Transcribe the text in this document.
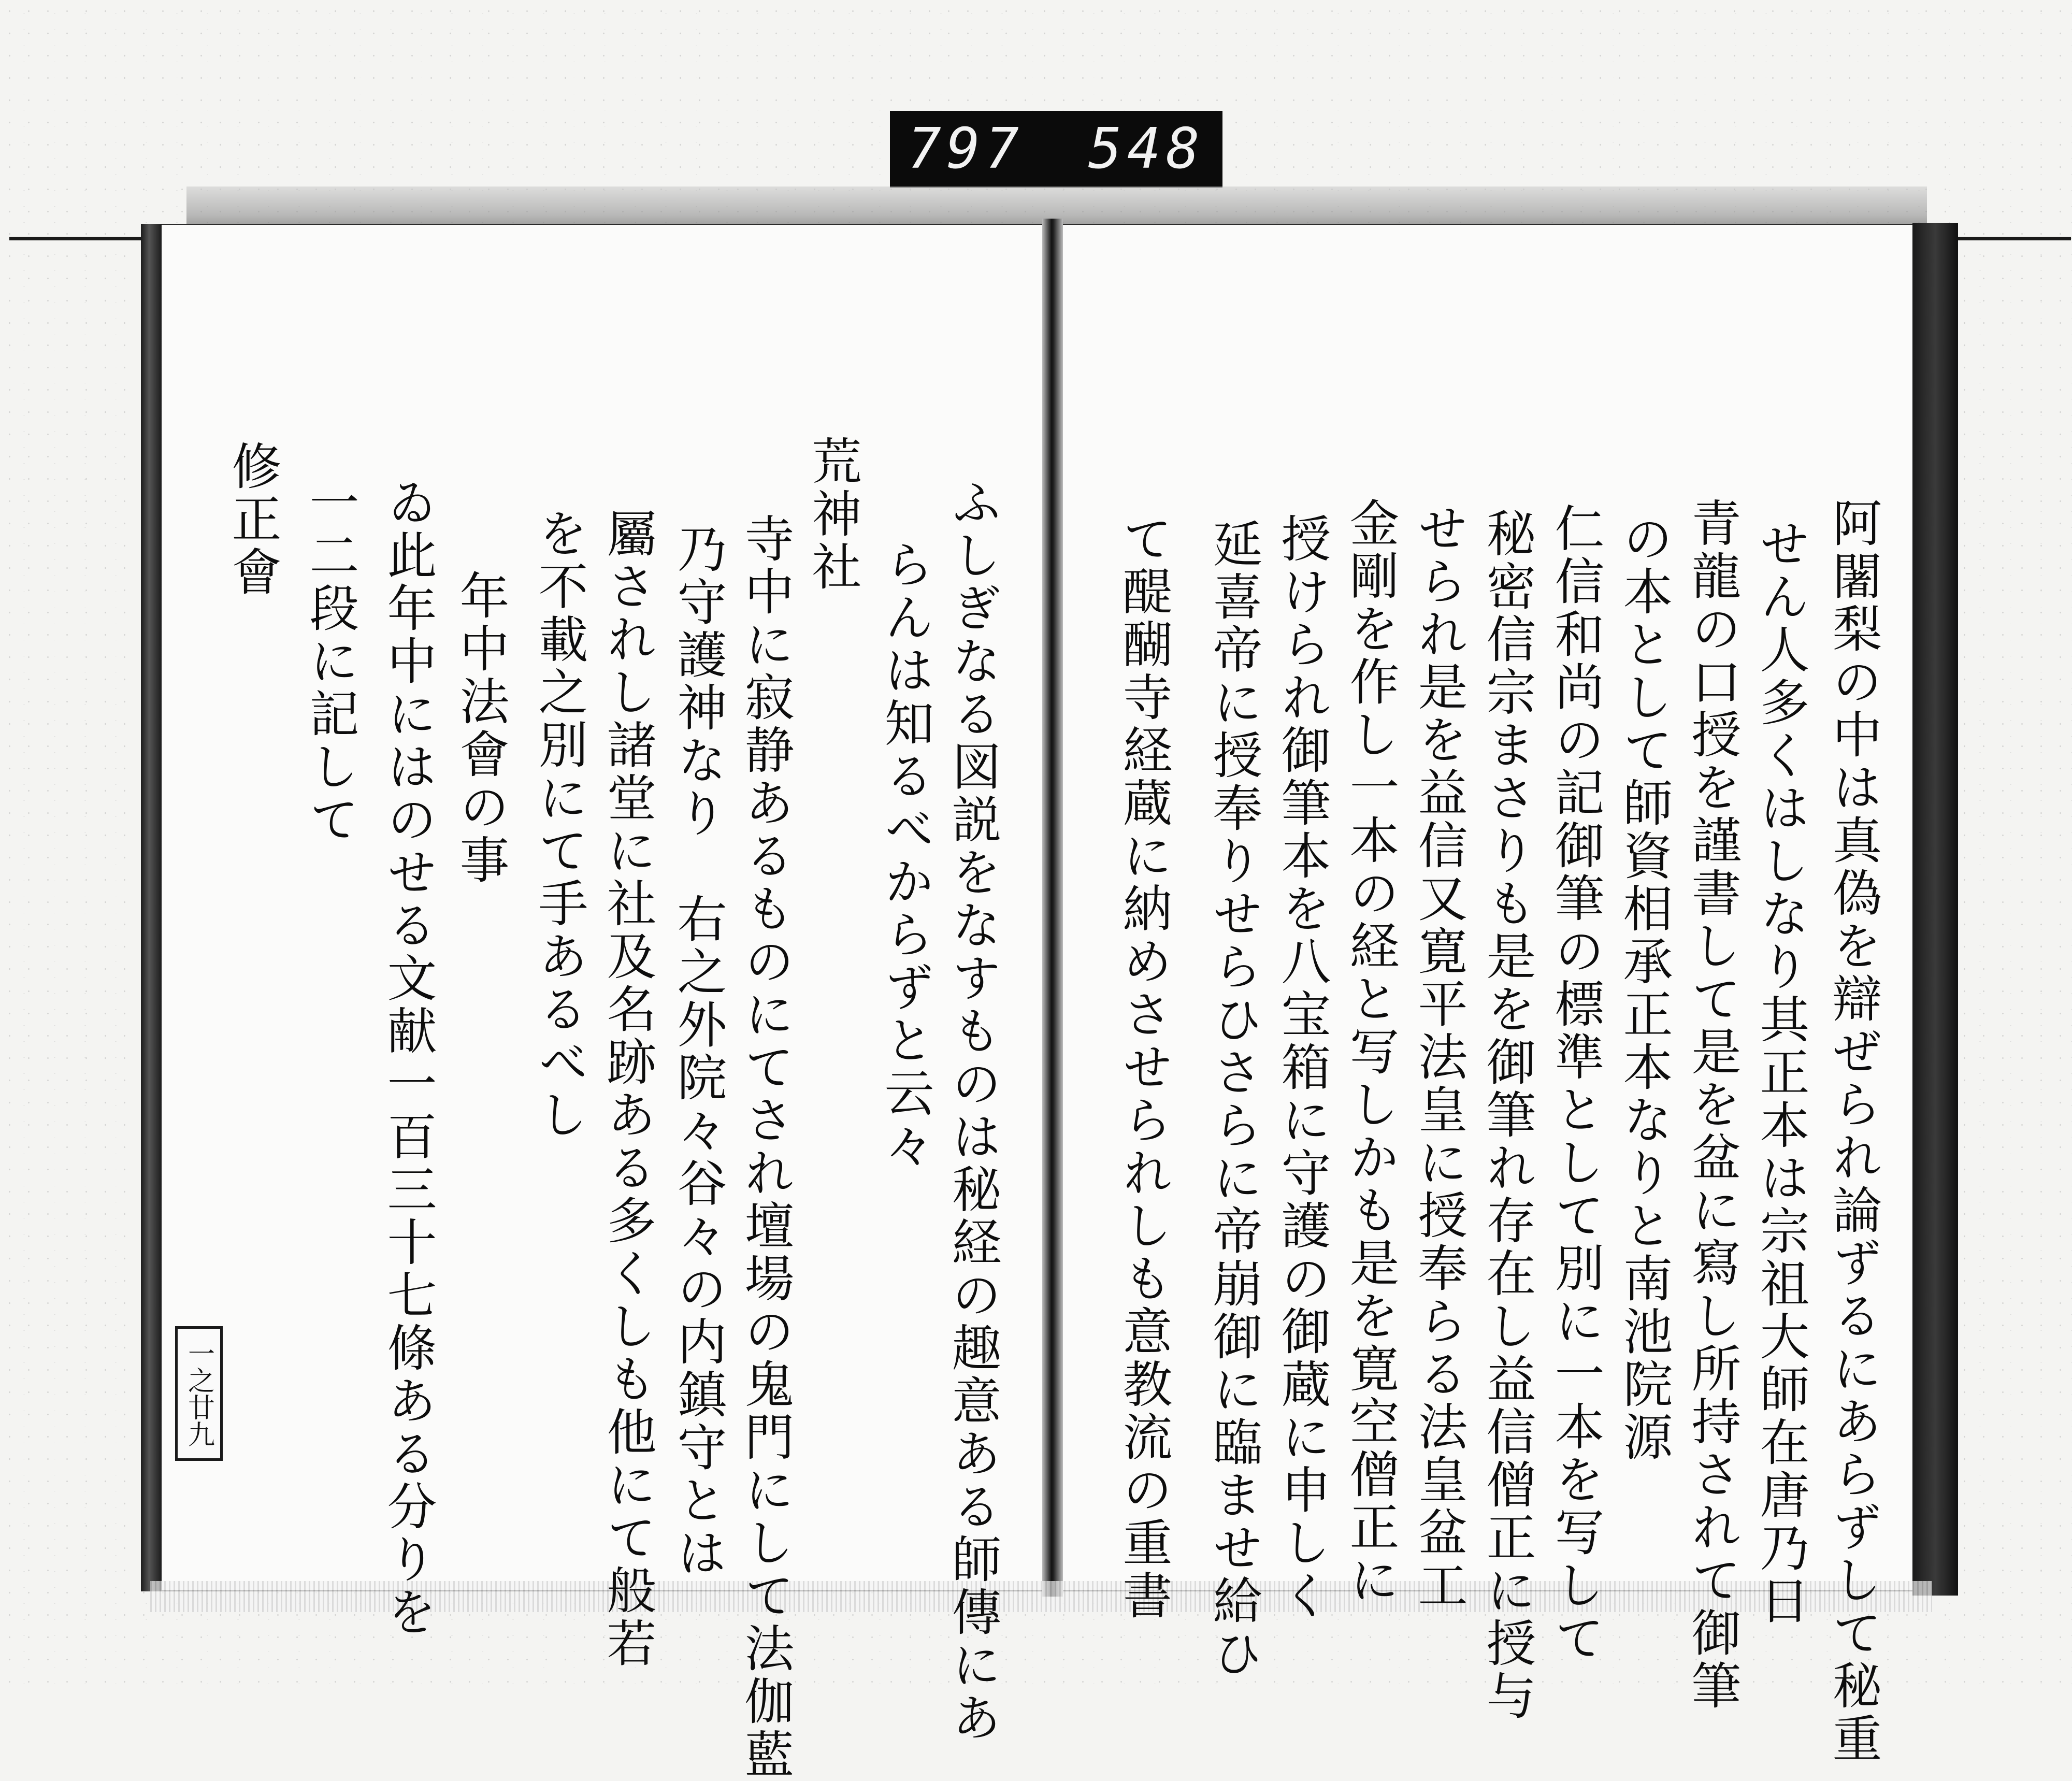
797 548
阿闍梨の中は真偽を辯ぜられ論ずるにあらずして秘重
せん人多くはしなり其正本は宗祖大師在唐乃日
青龍の口授を謹書して是を盆に寫し所持されて御筆
の本として師資相承正本なりと南池院源
仁信和尚の記御筆の標準として別に一本を写して
秘密信宗まさりも是を御筆れ存在し益信僧正に授与
せられ是を益信又寛平法皇に授奉らる法皇盆工
金剛を作し一本の経と写しかも是を寛空僧正に
授けられ御筆本を八宝箱に守護の御蔵に申しく
延喜帝に授奉りせらひさらに帝崩御に臨ませ給ひ
て醍醐寺経蔵に納めさせられしも意教流の重書
ふしぎなる図説をなすものは秘経の趣意ある師傳にあ
らんは知るべからずと云々
荒神社
寺中に寂静あるものにてされ壇場の鬼門にして法伽藍
乃守護神なり　右之外院々谷々の内鎮守とは
屬されし諸堂に社及名跡ある多くしも他にて般若
を不載之別にて手あるべし
年中法會の事
ゐ此年中にはのせる文献一百三十七條ある分りを
一二段に記して
修正會
一之廿九
